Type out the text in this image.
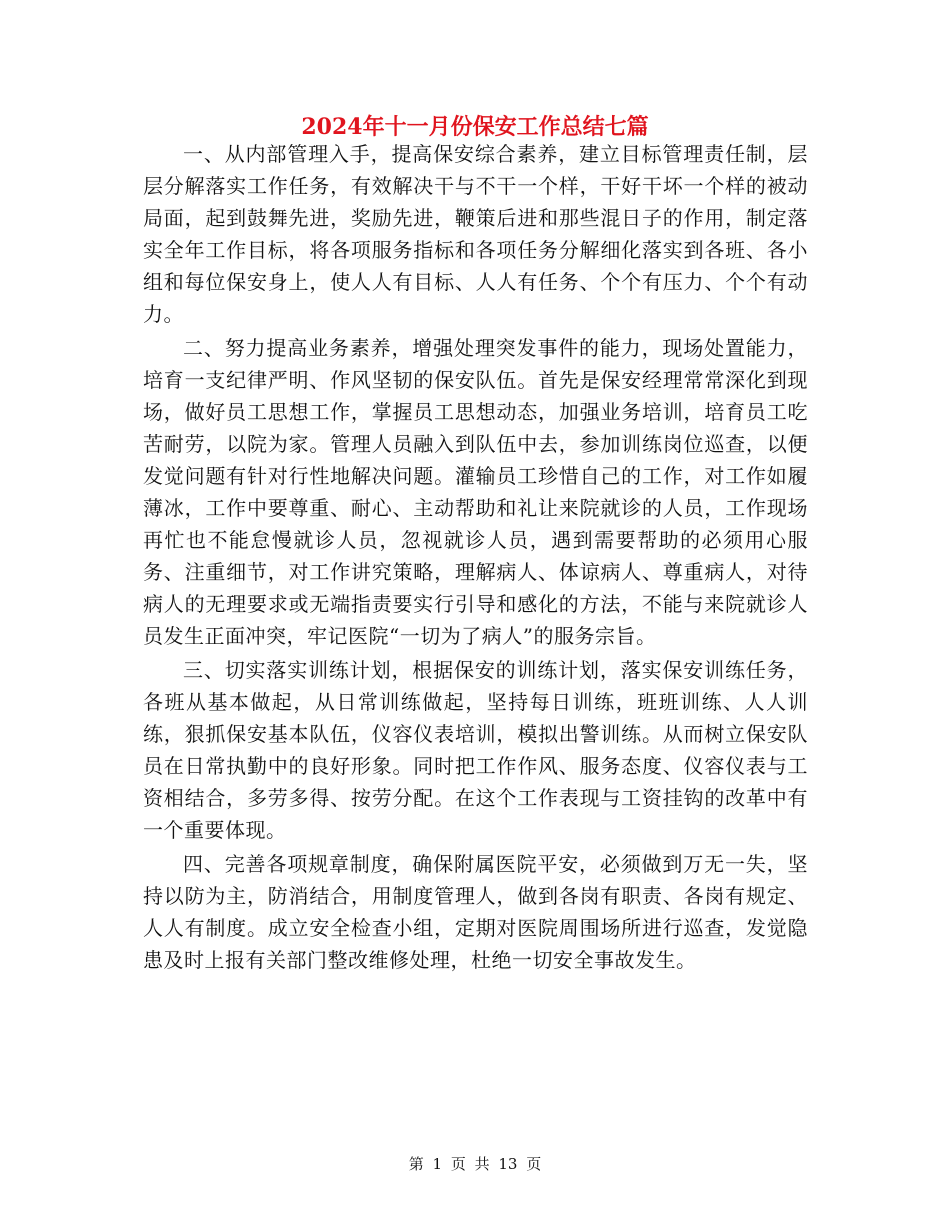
2024年十一月份保安工作总结七篇

一、从内部管理入手，提高保安综合素养，建立目标管理责任制，层层分解落实工作任务，有效解决干与不干一个样，干好干坏一个样的被动局面，起到鼓舞先进，奖励先进，鞭策后进和那些混日子的作用，制定落实全年工作目标，将各项服务指标和各项任务分解细化落实到各班、各小组和每位保安身上，使人人有目标、人人有任务、个个有压力、个个有动力。

二、努力提高业务素养，增强处理突发事件的能力，现场处置能力，培育一支纪律严明、作风坚韧的保安队伍。首先是保安经理常常深化到现场，做好员工思想工作，掌握员工思想动态，加强业务培训，培育员工吃苦耐劳，以院为家。管理人员融入到队伍中去，参加训练岗位巡查，以便发觉问题有针对行性地解决问题。灌输员工珍惜自己的工作，对工作如履薄冰，工作中要尊重、耐心、主动帮助和礼让来院就诊的人员，工作现场再忙也不能怠慢就诊人员，忽视就诊人员，遇到需要帮助的必须用心服务、注重细节，对工作讲究策略，理解病人、体谅病人、尊重病人，对待病人的无理要求或无端指责要实行引导和感化的方法，不能与来院就诊人员发生正面冲突，牢记医院“一切为了病人”的服务宗旨。

三、切实落实训练计划，根据保安的训练计划，落实保安训练任务，各班从基本做起，从日常训练做起，坚持每日训练，班班训练、人人训练，狠抓保安基本队伍，仪容仪表培训，模拟出警训练。从而树立保安队员在日常执勤中的良好形象。同时把工作作风、服务态度、仪容仪表与工资相结合，多劳多得、按劳分配。在这个工作表现与工资挂钩的改革中有一个重要体现。

四、完善各项规章制度，确保附属医院平安，必须做到万无一失，坚持以防为主，防消结合，用制度管理人，做到各岗有职责、各岗有规定、人人有制度。成立安全检查小组，定期对医院周围场所进行巡查，发觉隐患及时上报有关部门整改维修处理，杜绝一切安全事故发生。

第 1 页 共 13 页
